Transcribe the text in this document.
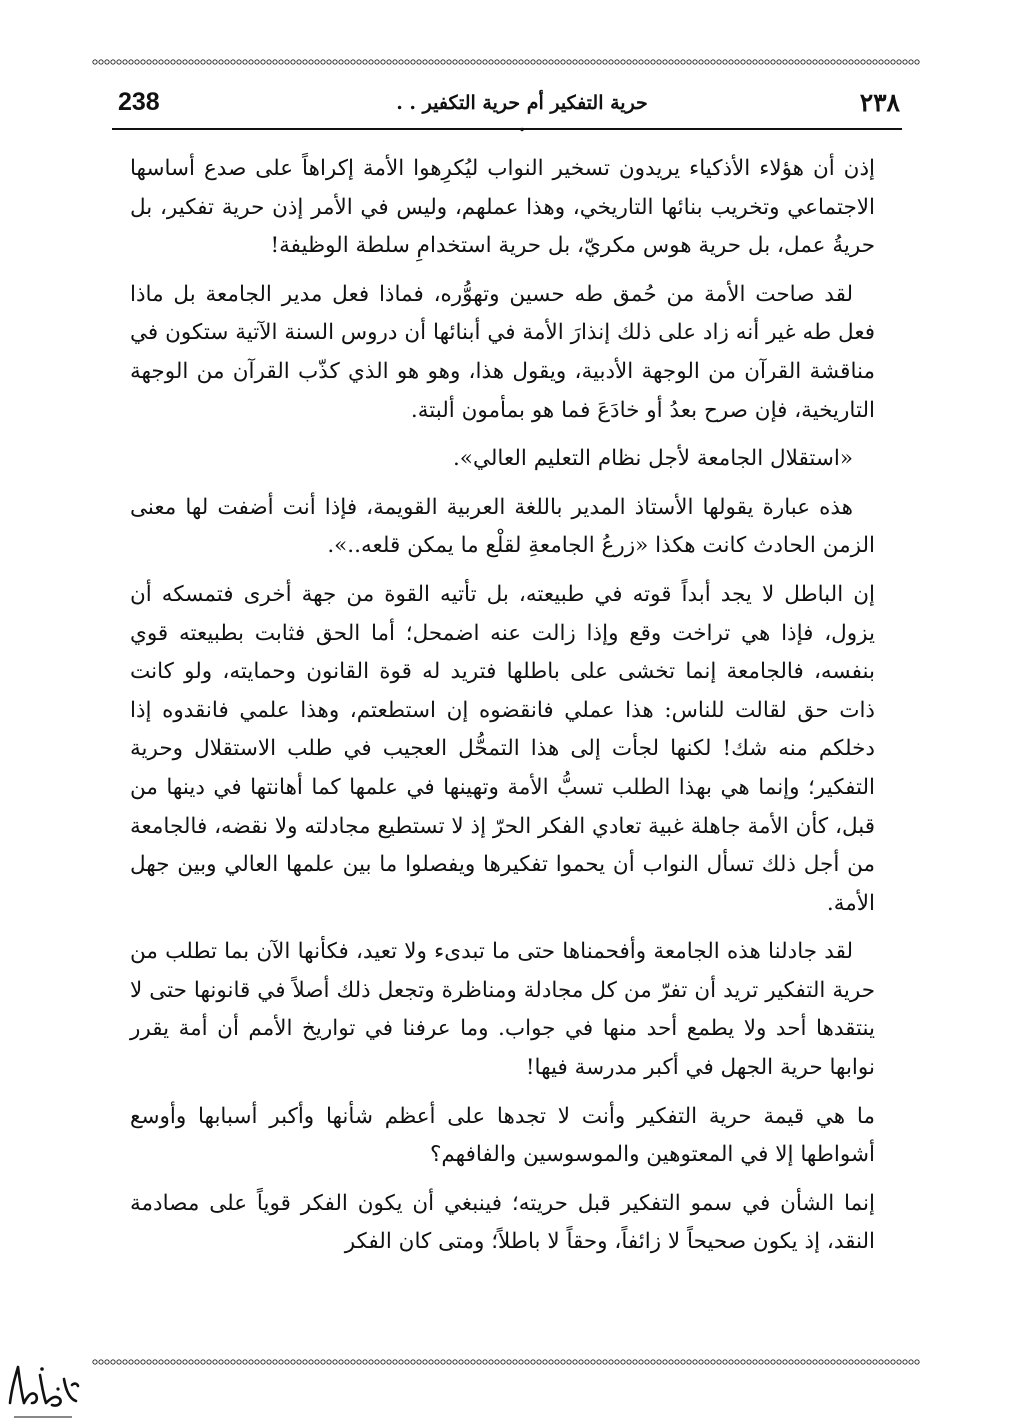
238	حرية التفكير أم حرية التكفير . . .
٢٣٨

إذن أن هؤلاء الأذكياء يريدون تسخير النواب ليُكرِهوا الأمة إكراهاً على صدع أساسها الاجتماعي وتخريب بنائها التاريخي، وهذا عملهم، وليس في الأمر إذن حرية تفكير، بل حريةُ عمل، بل حرية هوس مكريّ، بل حرية استخدامِ سلطة الوظيفة!

لقد صاحت الأمة من حُمق طه حسين وتهوُّره، فماذا فعل مدير الجامعة بل ماذا فعل طه غير أنه زاد على ذلك إنذارَ الأمة في أبنائها أن دروس السنة الآتية ستكون في مناقشة القرآن من الوجهة الأدبية، ويقول هذا، وهو هو الذي كذّب القرآن من الوجهة التاريخية، فإن صرح بعدُ أو خادَعَ فما هو بمأمون ألبتة.

«استقلال الجامعة لأجل نظام التعليم العالي».

هذه عبارة يقولها الأستاذ المدير باللغة العربية القويمة، فإذا أنت أضفت لها معنى الزمن الحادث كانت هكذا «زرعُ الجامعةِ لقلْع ما يمكن قلعه..».

إن الباطل لا يجد أبداً قوته في طبيعته، بل تأتيه القوة من جهة أخرى فتمسكه أن يزول، فإذا هي تراخت وقع وإذا زالت عنه اضمحل؛ أما الحق فثابت بطبيعته قوي بنفسه، فالجامعة إنما تخشى على باطلها فتريد له قوة القانون وحمايته، ولو كانت ذات حق لقالت للناس: هذا عملي فانقضوه إن استطعتم، وهذا علمي فانقدوه إذا دخلكم منه شك! لكنها لجأت إلى هذا التمحُّل العجيب في طلب الاستقلال وحرية التفكير؛ وإنما هي بهذا الطلب تسبُّ الأمة وتهينها في علمها كما أهانتها في دينها من قبل، كأن الأمة جاهلة غبية تعادي الفكر الحرّ إذ لا تستطيع مجادلته ولا نقضه، فالجامعة من أجل ذلك تسأل النواب أن يحموا تفكيرها ويفصلوا ما بين علمها العالي وبين جهل الأمة.

لقد جادلنا هذه الجامعة وأفحمناها حتى ما تبدىء ولا تعيد، فكأنها الآن بما تطلب من حرية التفكير تريد أن تفرّ من كل مجادلة ومناظرة وتجعل ذلك أصلاً في قانونها حتى لا ينتقدها أحد ولا يطمع أحد منها في جواب. وما عرفنا في تواريخ الأمم أن أمة يقرر نوابها حرية الجهل في أكبر مدرسة فيها!

ما هي قيمة حرية التفكير وأنت لا تجدها على أعظم شأنها وأكبر أسبابها وأوسع أشواطها إلا في المعتوهين والموسوسين والفافهم؟

إنما الشأن في سمو التفكير قبل حريته؛ فينبغي أن يكون الفكر قوياً على مصادمة النقد، إذ يكون صحيحاً لا زائفاً، وحقاً لا باطلاً؛ ومتى كان الفكر
